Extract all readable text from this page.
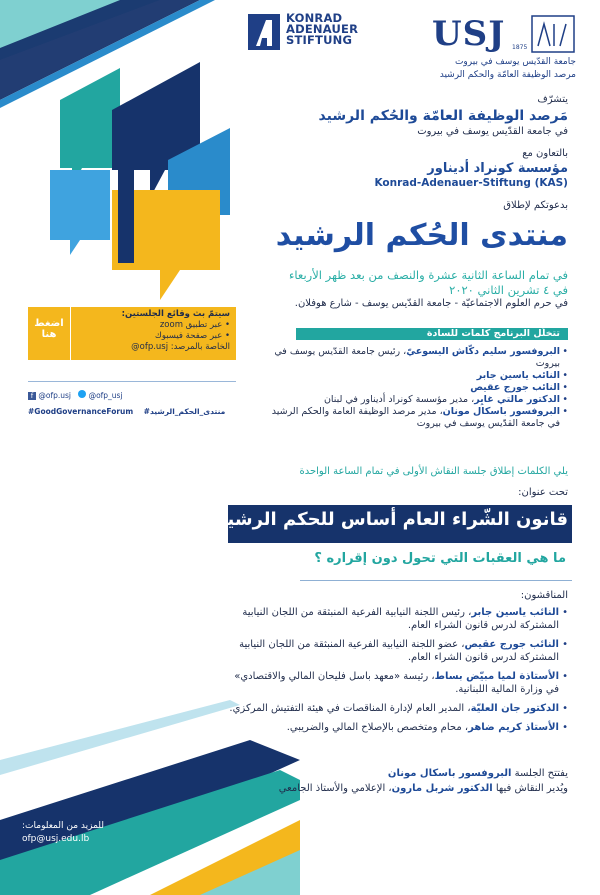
KONRAD
ADENAUER
STIFTUNG USJ 1875
جامعة القدّيس يوسف في بيروت
مرصد الوظيفة العامّة والحكم الرشيد
يتشرّف
مَرصد الوظيفة العامّة والحُكم الرشيد
في جامعة القدّيس يوسف في بيروت
بالتعاون مع
مؤسسة كونراد أديناور
Konrad-Adenauer-Stiftung (KAS)
بدعوتكم لإطلاق
منتدى الحُكم الرشيد
في تمام الساعة الثانية عشرة والنصف من بعد ظهر الأربعاء
في ٤ تشرين الثاني ٢٠٢٠
في حرم العلوم الاجتماعيّة - جامعة القدّيس يوسف - شارع هوفلان.
تتخلّل البرنامج كلمات للسادة
• البروفسور سليم دكّاش اليسوعيّ، رئيس جامعة القدّيس يوسف في بيروت
• النائب ياسين جابر
• النائب جورج عقيص
• الدكتور مالتي غايِر، مدير مؤسسة كونراد أديناور في لبنان
• البروفسور باسكال مونان، مدير مرصد الوظيفة العامة والحكم الرشيد في جامعة القدّيس يوسف في بيروت
اضغط هنا
سيتمّ بث وقائع الجلستين:
• عبر تطبيق zoom
• عبر صفحة فيسبوك
الخاصة بالمرصد: ofp.usj@
f @ofp.usj @ofp_usj
#GoodGovernanceForum #منتدى_الحكم_الرشيد
يلي الكلمات إطلاق جلسة النقاش الأولى في تمام الساعة الواحدة
تحت عنوان:
قانون الشّراء العام أساس للحكم الرشيد
ما هي العقبات التي تحول دون إقراره ؟
المناقشون:
• النائب ياسين جابر، رئيس اللجنة النيابية الفرعية المنبثقة من اللجان النيابية المشتركة لدرس قانون الشراء العام.
• النائب جورج عقيص، عضو اللجنة النيابية الفرعية المنبثقة من اللجان النيابية المشتركة لدرس قانون الشراء العام.
• الأستاذة لميا مبيّض بساط، رئيسة «معهد باسل فليحان المالي والاقتصادي» في وزارة المالية اللبنانية.
• الدكتور جان العليّة، المدير العام لإدارة المناقصات في هيئة التفتيش المركزي.
• الأستاذ كريم ضاهر، محام ومتخصص بالإصلاح المالي والضريبي.
يفتتح الجلسة البروفسور باسكال مونان
ويُدير النقاش فيها الدكتور شربل مارون، الإعلامي والأستاذ الجامعي
للمزيد من المعلومات:
ofp@usj.edu.lb
